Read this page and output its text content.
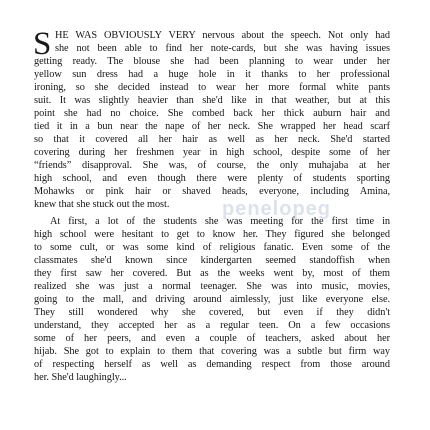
S HE WAS OBVIOUSLY VERY nervous about the speech. Not only had
she not been able to find her note-cards, but she was having issues
getting ready. The blouse she had been planning to wear under her
yellow sun dress had a huge hole in it thanks to her professional
ironing, so she decided instead to wear her more formal white pants
suit. It was slightly heavier than she'd like in that weather, but at this
point she had no choice. She combed back her thick auburn hair and
tied it in a bun near the nape of her neck. She wrapped her head scarf
so that it covered all her hair as well as her neck. She'd started
covering during her freshmen year in high school, despite some of her
“friends” disapproval. She was, of course, the only muhajaba at her
high school, and even though there were plenty of students sporting
Mohawks or pink hair or shaved heads, everyone, including Amina,
knew that she stuck out the most.
At first, a lot of the students she was meeting for the first time in
high school were hesitant to get to know her. They figured she belonged
to some cult, or was some kind of religious fanatic. Even some of the
classmates she'd known since kindergarten seemed standoffish when
they first saw her covered. But as the weeks went by, most of them
realized she was just a normal teenager. She was into music, movies,
going to the mall, and driving around aimlessly, just like everyone else.
They still wondered why she covered, but even if they didn't
understand, they accepted her as a regular teen. On a few occasions
some of her peers, and even a couple of teachers, asked about her
hijab. She got to explain to them that covering was a subtle but firm way
of respecting herself as well as demanding respect from those around
her. She'd laughingly...
penelopeg
